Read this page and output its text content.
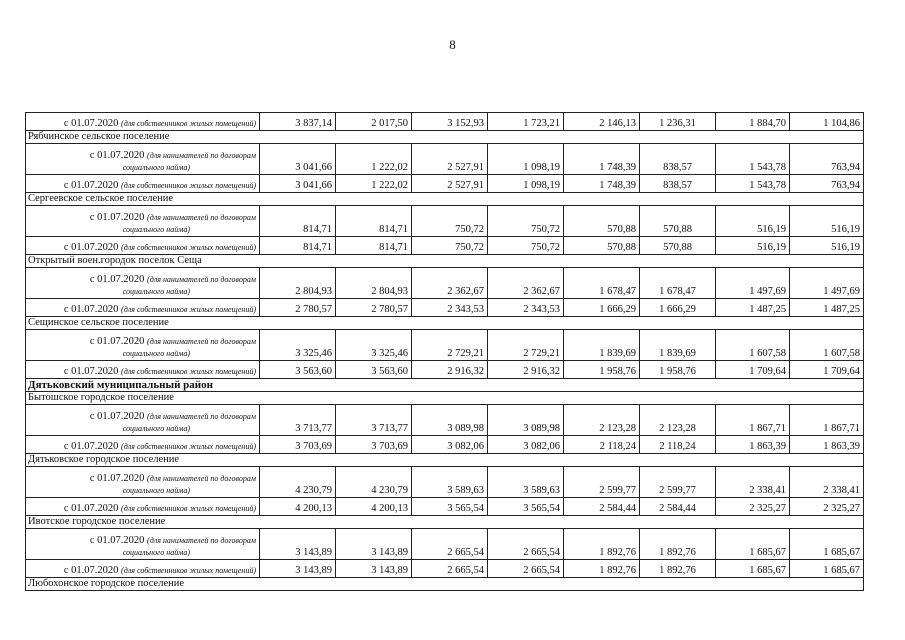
8
с 01.07.2020 (для собственников жилых помещений)	3 837,14	2 017,50	3 152,93	1 723,21	2 146,13	1 236,31	1 884,70	1 104,86
Рябчинское сельское поселение								

с 01.07.2020 (для нанимателей по договорам
социального найма)	3 041,66	1 222,02	2 527,91	1 098,19	1 748,39	838,57	1 543,78	763,94
с 01.07.2020 (для собственников жилых помещений)	3 041,66	1 222,02	2 527,91	1 098,19	1 748,39	838,57	1 543,78	763,94
Сергеевское сельское поселение								

с 01.07.2020 (для нанимателей по договорам
социального найма)	814,71	814,71	750,72	750,72	570,88	570,88	516,19	516,19
с 01.07.2020 (для собственников жилых помещений)	814,71	814,71	750,72	750,72	570,88	570,88	516,19	516,19
Открытый воен.городок поселок Сеща								

с 01.07.2020 (для нанимателей по договорам
социального найма)	2 804,93	2 804,93	2 362,67	2 362,67	1 678,47	1 678,47	1 497,69	1 497,69
с 01.07.2020 (для собственников жилых помещений)	2 780,57	2 780,57	2 343,53	2 343,53	1 666,29	1 666,29	1 487,25	1 487,25
Сещинское сельское поселение								

с 01.07.2020 (для нанимателей по договорам
социального найма)	3 325,46	3 325,46	2 729,21	2 729,21	1 839,69	1 839,69	1 607,58	1 607,58
с 01.07.2020 (для собственников жилых помещений)	3 563,60	3 563,60	2 916,32	2 916,32	1 958,76	1 958,76	1 709,64	1 709,64
Дятьковский муниципальный район								
Бытошское городское поселение								

с 01.07.2020 (для нанимателей по договорам
социального найма)	3 713,77	3 713,77	3 089,98	3 089,98	2 123,28	2 123,28	1 867,71	1 867,71
с 01.07.2020 (для собственников жилых помещений)	3 703,69	3 703,69	3 082,06	3 082,06	2 118,24	2 118,24	1 863,39	1 863,39
Дятьковское городское поселение								

с 01.07.2020 (для нанимателей по договорам
социального найма)	4 230,79	4 230,79	3 589,63	3 589,63	2 599,77	2 599,77	2 338,41	2 338,41
с 01.07.2020 (для собственников жилых помещений)	4 200,13	4 200,13	3 565,54	3 565,54	2 584,44	2 584,44	2 325,27	2 325,27
Ивотское городское поселение								

с 01.07.2020 (для нанимателей по договорам
социального найма)	3 143,89	3 143,89	2 665,54	2 665,54	1 892,76	1 892,76	1 685,67	1 685,67
с 01.07.2020 (для собственников жилых помещений)	3 143,89	3 143,89	2 665,54	2 665,54	1 892,76	1 892,76	1 685,67	1 685,67
Любохонское городское поселение								
